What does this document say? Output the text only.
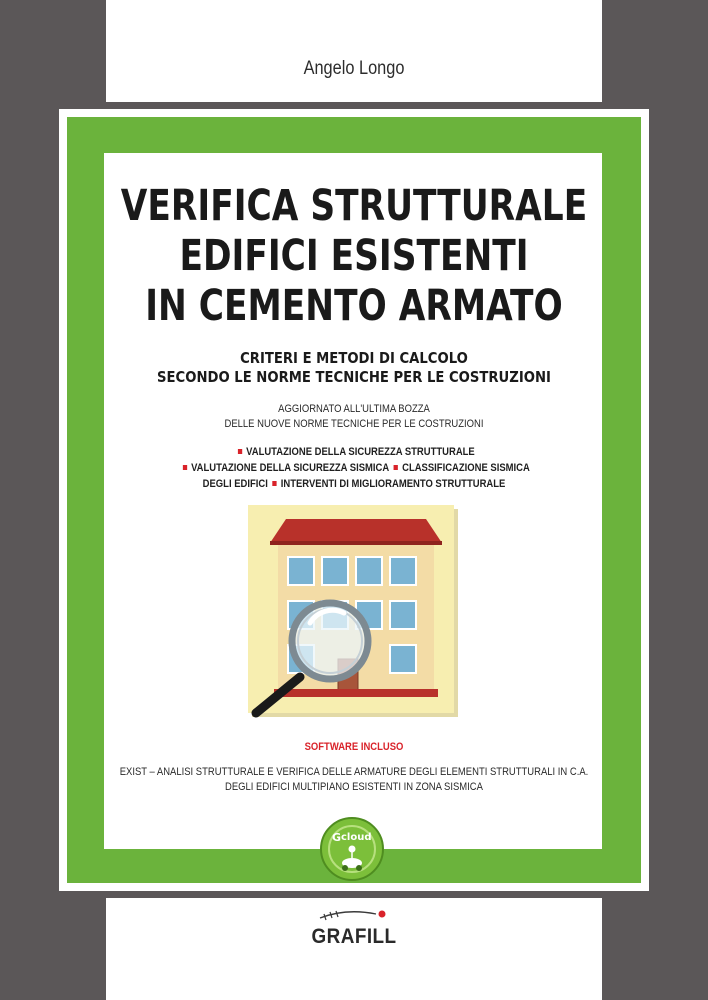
Angelo Longo
VERIFICA STRUTTURALE
EDIFICI ESISTENTI
IN CEMENTO ARMATO
CRITERI E METODI DI CALCOLO
SECONDO LE NORME TECNICHE PER LE COSTRUZIONI
AGGIORNATO ALL'ULTIMA BOZZA
DELLE NUOVE NORME TECNICHE PER LE COSTRUZIONI
VALUTAZIONE DELLA SICUREZZA STRUTTURALE
VALUTAZIONE DELLA SICUREZZA SISMICA CLASSIFICAZIONE SISMICA
DEGLI EDIFICI INTERVENTI DI MIGLIORAMENTO STRUTTURALE
SOFTWARE INCLUSO
EXIST – ANALISI STRUTTURALE E VERIFICA DELLE ARMATURE DEGLI ELEMENTI STRUTTURALI IN C.A.
DEGLI EDIFICI MULTIPIANO ESISTENTI IN ZONA SISMICA
G cloud
GRAFILL
